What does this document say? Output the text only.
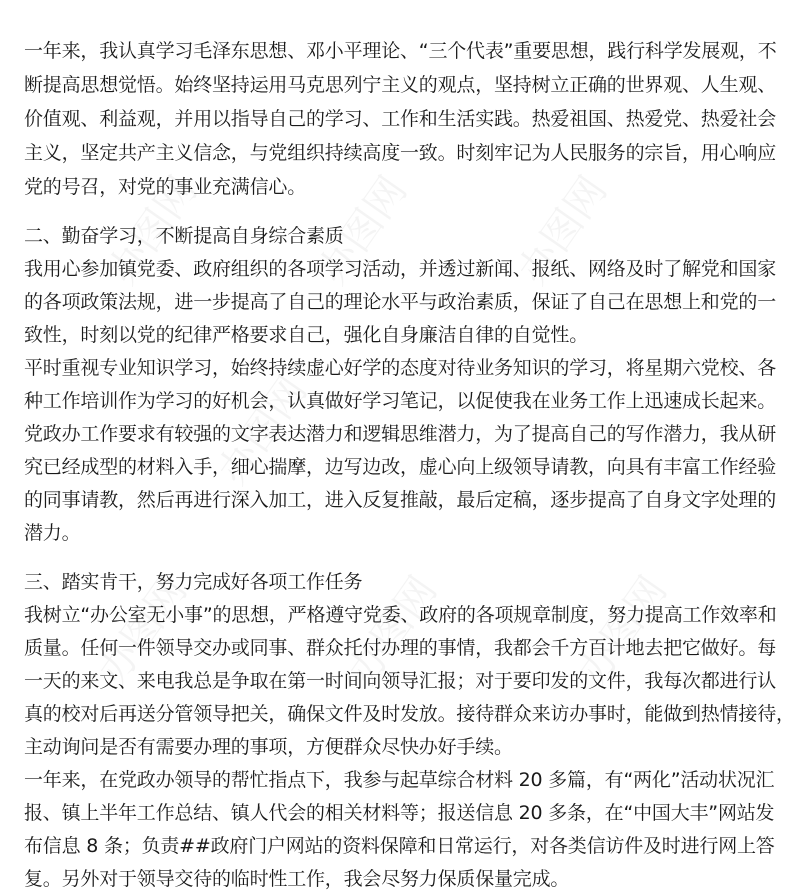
一年来，我认真学习毛泽东思想、邓小平理论、“三个代表”重要思想，践行科学发展观，不
断提高思想觉悟。始终坚持运用马克思列宁主义的观点，坚持树立正确的世界观、人生观、
价值观、利益观，并用以指导自己的学习、工作和生活实践。热爱祖国、热爱党、热爱社会
主义，坚定共产主义信念，与党组织持续高度一致。时刻牢记为人民服务的宗旨，用心响应
党的号召，对党的事业充满信心。
二、勤奋学习，不断提高自身综合素质
我用心参加镇党委、政府组织的各项学习活动，并透过新闻、报纸、网络及时了解党和国家
的各项政策法规，进一步提高了自己的理论水平与政治素质，保证了自己在思想上和党的一
致性，时刻以党的纪律严格要求自己，强化自身廉洁自律的自觉性。
平时重视专业知识学习，始终持续虚心好学的态度对待业务知识的学习，将星期六党校、各
种工作培训作为学习的好机会，认真做好学习笔记，以促使我在业务工作上迅速成长起来。
党政办工作要求有较强的文字表达潜力和逻辑思维潜力，为了提高自己的写作潜力，我从研
究已经成型的材料入手，细心揣摩，边写边改，虚心向上级领导请教，向具有丰富工作经验
的同事请教，然后再进行深入加工，进入反复推敲，最后定稿，逐步提高了自身文字处理的
潜力。
三、踏实肯干，努力完成好各项工作任务
我树立“办公室无小事”的思想，严格遵守党委、政府的各项规章制度，努力提高工作效率和
质量。任何一件领导交办或同事、群众托付办理的事情，我都会千方百计地去把它做好。每
一天的来文、来电我总是争取在第一时间向领导汇报；对于要印发的文件，我每次都进行认
真的校对后再送分管领导把关，确保文件及时发放。接待群众来访办事时，能做到热情接待，
主动询问是否有需要办理的事项，方便群众尽快办好手续。
一年来，在党政办领导的帮忙指点下，我参与起草综合材料 20 多篇，有“两化”活动状况汇
报、镇上半年工作总结、镇人代会的相关材料等；报送信息 20 多条，在“中国大丰”网站发
布信息 8 条；负责##政府门户网站的资料保障和日常运行，对各类信访件及时进行网上答
复。另外对于领导交待的临时性工作，我会尽努力保质保量完成。
